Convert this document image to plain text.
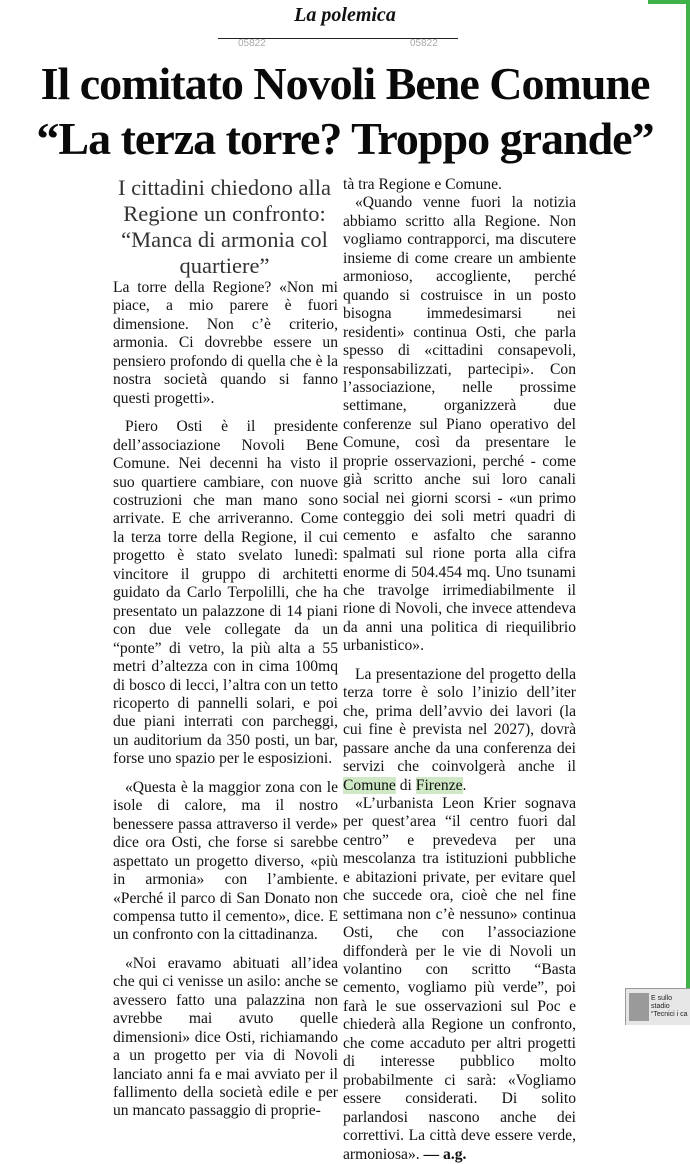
La polemica
05822	05822
Il comitato Novoli Bene Comune
“La terza torre? Troppo grande”
I cittadini chiedono alla Regione un confronto: “Manca di armonia col quartiere”

La torre della Regione? «Non mi piace, a mio parere è fuori dimensione. Non c’è criterio, armonia. Ci dovrebbe essere un pensiero profondo di quella che è la nostra società quando si fanno questi progetti».

Piero Osti è il presidente dell’associazione Novoli Bene Comune. Nei decenni ha visto il suo quartiere cambiare, con nuove costruzioni che man mano sono arrivate. E che arriveranno. Come la terza torre della Regione, il cui progetto è stato svelato lunedì: vincitore il gruppo di architetti guidato da Carlo Terpolilli, che ha presentato un palazzone di 14 piani con due vele collegate da un “ponte” di vetro, la più alta a 55 metri d’altezza con in cima 100mq di bosco di lecci, l’altra con un tetto ricoperto di pannelli solari, e poi due piani interrati con parcheggi, un auditorium da 350 posti, un bar, forse uno spazio per le esposizioni.

«Questa è la maggior zona con le isole di calore, ma il nostro benessere passa attraverso il verde» dice ora Osti, che forse si sarebbe aspettato un progetto diverso, «più in armonia» con l’ambiente. «Perché il parco di San Donato non compensa tutto il cemento», dice. E un confronto con la cittadinanza.

«Noi eravamo abituati all’idea che qui ci venisse un asilo: anche se avessero fatto una palazzina non avrebbe mai avuto quelle dimensioni» dice Osti, richiamando a un progetto per via di Novoli lanciato anni fa e mai avviato per il fallimento della società edile e per un mancato passaggio di proprie-

tà tra Regione e Comune.

«Quando venne fuori la notizia abbiamo scritto alla Regione. Non vogliamo contrapporci, ma discutere insieme di come creare un ambiente armonioso, accogliente, perché quando si costruisce in un posto bisogna immedesimarsi nei residenti» continua Osti, che parla spesso di «cittadini consapevoli, responsabilizzati, partecipi». Con l’associazione, nelle prossime settimane, organizzerà due conferenze sul Piano operativo del Comune, così da presentare le proprie osservazioni, perché - come già scritto anche sui loro canali social nei giorni scorsi - «un primo conteggio dei soli metri quadri di cemento e asfalto che saranno spalmati sul rione porta alla cifra enorme di 504.454 mq. Uno tsunami che travolge irrimediabilmente il rione di Novoli, che invece attendeva da anni una politica di riequilibrio urbanistico».

La presentazione del progetto della terza torre è solo l’inizio dell’iter che, prima dell’avvio dei lavori (la cui fine è prevista nel 2027), dovrà passare anche da una conferenza dei servizi che coinvolgerà anche il Comune di Firenze.

«L’urbanista Leon Krier sognava per quest’area “il centro fuori dal centro” e prevedeva per una mescolanza tra istituzioni pubbliche e abitazioni private, per evitare quel che succede ora, cioè che nel fine settimana non c’è nessuno» continua Osti, che con l’associazione diffonderà per le vie di Novoli un volantino con scritto “Basta cemento, vogliamo più verde”, poi farà le sue osservazioni sul Poc e chiederà alla Regione un confronto, che come accaduto per altri progetti di interesse pubblico molto probabilmente ci sarà: «Vogliamo essere considerati. Di solito parlandosi nascono anche dei correttivi. La città deve essere verde, armoniosa». — a.g.

E sullo stadio
“Tecnici i ca
